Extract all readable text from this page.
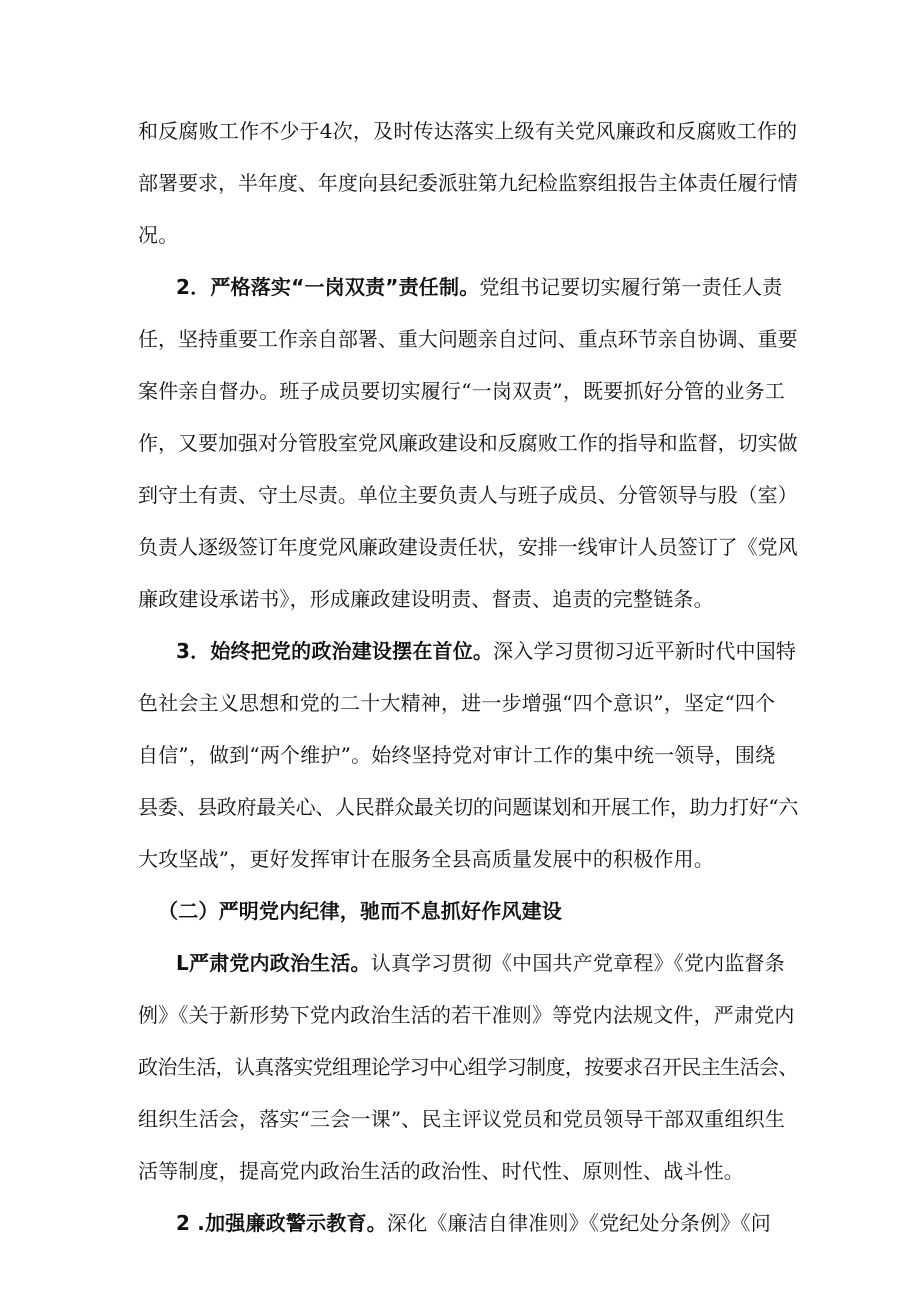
和反腐败工作不少于4次，及时传达落实上级有关党风廉政和反腐败工作的
部署要求，半年度、年度向县纪委派驻第九纪检监察组报告主体责任履行情
况。
2．严格落实“一岗双责”责任制。党组书记要切实履行第一责任人责
任，坚持重要工作亲自部署、重大问题亲自过问、重点环节亲自协调、重要
案件亲自督办。班子成员要切实履行“一岗双责”，既要抓好分管的业务工
作，又要加强对分管股室党风廉政建设和反腐败工作的指导和监督，切实做
到守土有责、守土尽责。单位主要负责人与班子成员、分管领导与股（室）
负责人逐级签订年度党风廉政建设责任状，安排一线审计人员签订了《党风
廉政建设承诺书》，形成廉政建设明责、督责、追责的完整链条。
3．始终把党的政治建设摆在首位。深入学习贯彻习近平新时代中国特
色社会主义思想和党的二十大精神，进一步增强“四个意识”，坚定“四个
自信”，做到“两个维护”。始终坚持党对审计工作的集中统一领导，围绕
县委、县政府最关心、人民群众最关切的问题谋划和开展工作，助力打好“六
大攻坚战”，更好发挥审计在服务全县高质量发展中的积极作用。
（二）严明党内纪律，驰而不息抓好作风建设
L严肃党内政治生活。认真学习贯彻《中国共产党章程》《党内监督条
例》《关于新形势下党内政治生活的若干准则》等党内法规文件，严肃党内
政治生活，认真落实党组理论学习中心组学习制度，按要求召开民主生活会、
组织生活会，落实“三会一课”、民主评议党员和党员领导干部双重组织生
活等制度，提高党内政治生活的政治性、时代性、原则性、战斗性。
2 .加强廉政警示教育。深化《廉洁自律准则》《党纪处分条例》《问
